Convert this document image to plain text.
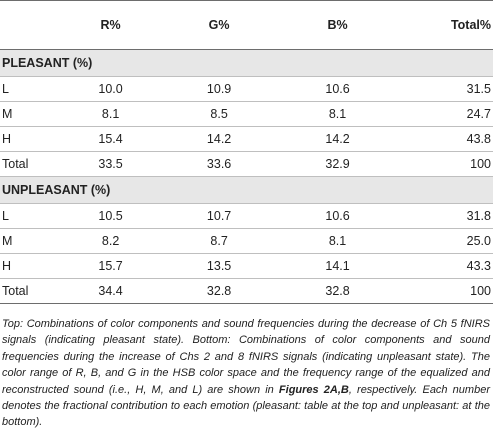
	R%	G%	B%	Total%
PLEASANT (%)				
L	10.0	10.9	10.6	31.5
M	8.1	8.5	8.1	24.7
H	15.4	14.2	14.2	43.8
Total	33.5	33.6	32.9	100
UNPLEASANT (%)				
L	10.5	10.7	10.6	31.8
M	8.2	8.7	8.1	25.0
H	15.7	13.5	14.1	43.3
Total	34.4	32.8	32.8	100
Top: Combinations of color components and sound frequencies during the decrease of Ch 5 fNIRS signals (indicating pleasant state). Bottom: Combinations of color components and sound frequencies during the increase of Chs 2 and 8 fNIRS signals (indicating unpleasant state). The color range of R, B, and G in the HSB color space and the frequency range of the equalized and reconstructed sound (i.e., H, M, and L) are shown in Figures 2A,B, respectively. Each number denotes the fractional contribution to each emotion (pleasant: table at the top and unpleasant: at the bottom).
